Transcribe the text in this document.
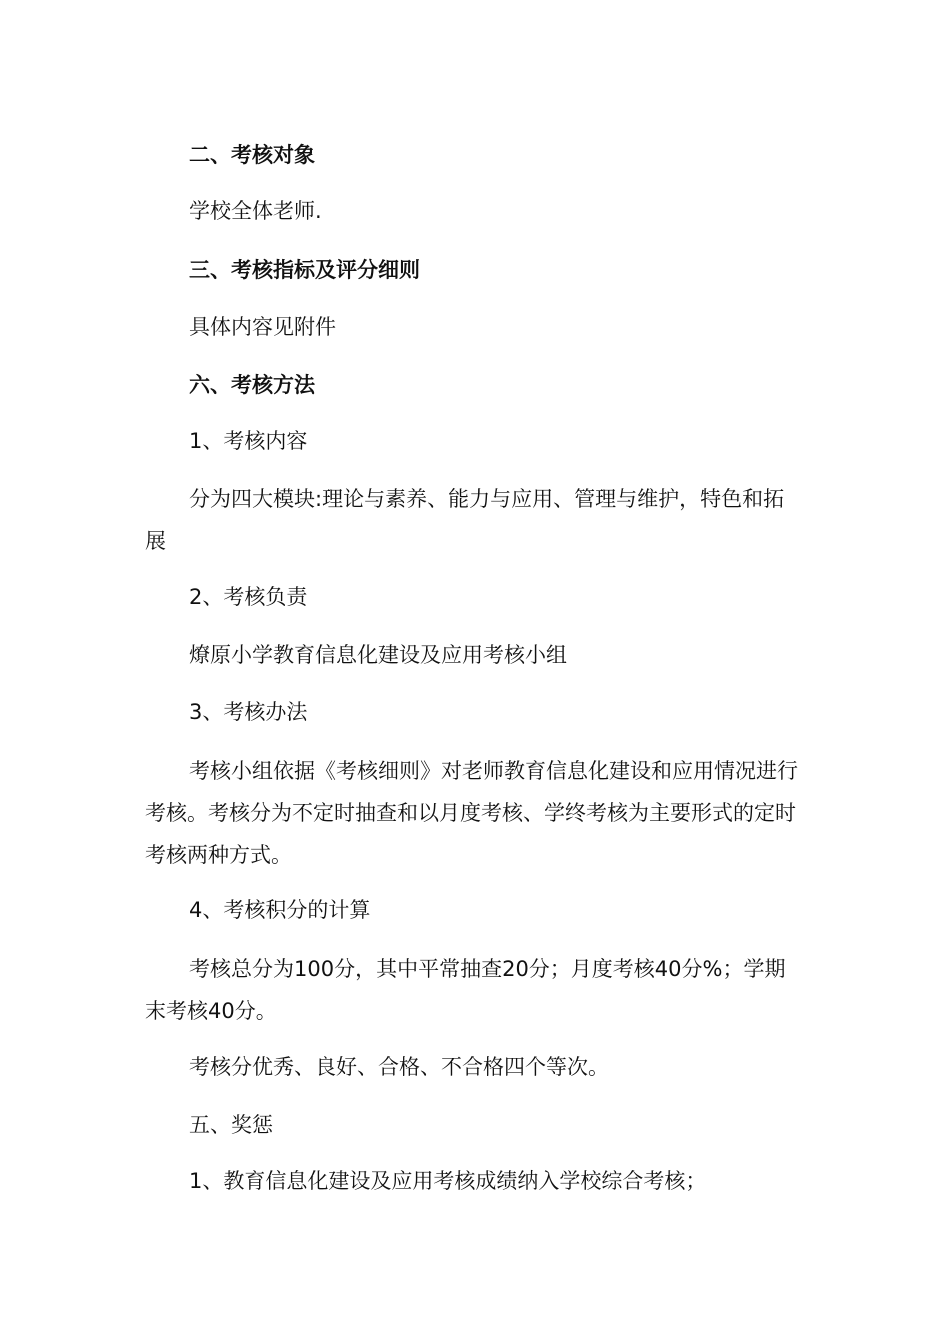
二、考核对象
学校全体老师.
三、考核指标及评分细则
具体内容见附件
六、考核方法
1、考核内容
分为四大模块:理论与素养、能力与应用、管理与维护，特色和拓展
2、考核负责
燎原小学教育信息化建设及应用考核小组
3、考核办法
考核小组依据《考核细则》对老师教育信息化建设和应用情况进行考核。考核分为不定时抽查和以月度考核、学终考核为主要形式的定时考核两种方式。
4、考核积分的计算
考核总分为100分，其中平常抽查20分；月度考核40分%；学期末考核40分。
考核分优秀、良好、合格、不合格四个等次。
五、奖惩
1、教育信息化建设及应用考核成绩纳入学校综合考核；
